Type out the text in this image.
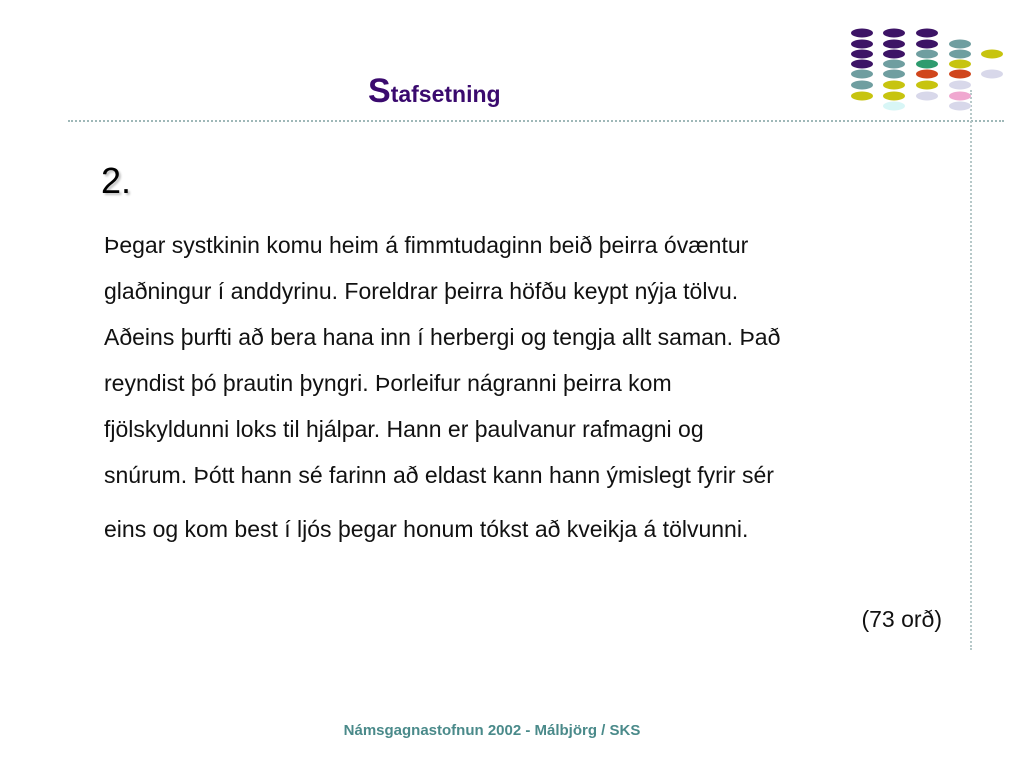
Stafsetning
2.
Þegar systkinin komu heim á fimmtudaginn beið þeirra óvæntur
glaðningur í anddyrinu. Foreldrar þeirra höfðu keypt nýja tölvu.
Aðeins þurfti að bera hana inn í herbergi og tengja allt saman. Það
reyndist þó þrautin þyngri. Þorleifur nágranni þeirra kom
fjölskyldunni loks til hjálpar. Hann er þaulvanur rafmagni og
snúrum. Þótt hann sé farinn að eldast kann hann ýmislegt fyrir sér
eins og kom best í ljós þegar honum tókst að kveikja á tölvunni.
(73 orð)
Námsgagnastofnun 2002 - Málbjörg / SKS
